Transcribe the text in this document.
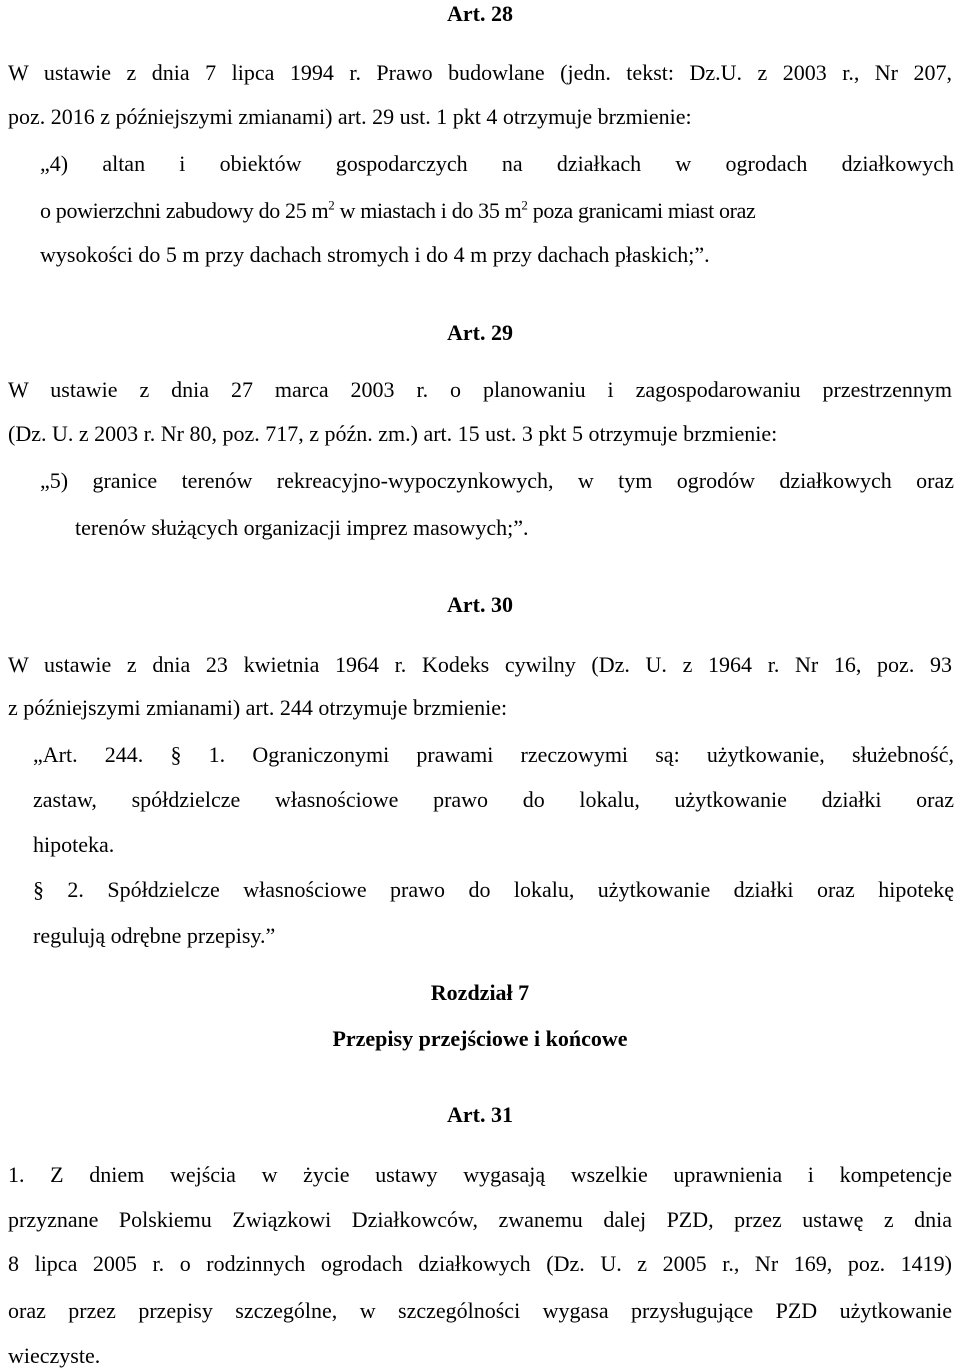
Art. 28
W ustawie z dnia 7 lipca 1994 r. Prawo budowlane (jedn. tekst: Dz.U. z 2003 r., Nr 207,
poz. 2016 z późniejszymi zmianami) art. 29 ust. 1 pkt 4 otrzymuje brzmienie:
„4) altan i obiektów gospodarczych na działkach w ogrodach działkowych
o powierzchni zabudowy do 25 $m^2$ w miastach i do 35 $m^2$ poza granicami miast oraz
wysokości do 5 m przy dachach stromych i do 4 m przy dachach płaskich;”.
Art. 29
W ustawie z dnia 27 marca 2003 r. o planowaniu i zagospodarowaniu przestrzennym
(Dz. U. z 2003 r. Nr 80, poz. 717, z późn. zm.) art. 15 ust. 3 pkt 5 otrzymuje brzmienie:
„5) granice terenów rekreacyjno-wypoczynkowych, w tym ogrodów działkowych oraz
terenów służących organizacji imprez masowych;”.
Art. 30
W ustawie z dnia 23 kwietnia 1964 r. Kodeks cywilny (Dz. U. z 1964 r. Nr 16, poz. 93
z późniejszymi zmianami) art. 244 otrzymuje brzmienie:
„Art. 244. § 1. Ograniczonymi prawami rzeczowymi są: użytkowanie, służebność,
zastaw, spółdzielcze własnościowe prawo do lokalu, użytkowanie działki oraz
hipoteka.
§ 2. Spółdzielcze własnościowe prawo do lokalu, użytkowanie działki oraz hipotekę
regulują odrębne przepisy.”
Rozdział 7
Przepisy przejściowe i końcowe
Art. 31
1. Z dniem wejścia w życie ustawy wygasają wszelkie uprawnienia i kompetencje
przyznane Polskiemu Związkowi Działkowców, zwanemu dalej PZD, przez ustawę z dnia
8 lipca 2005 r. o rodzinnych ogrodach działkowych (Dz. U. z 2005 r., Nr 169, poz. 1419)
oraz przez przepisy szczególne, w szczególności wygasa przysługujące PZD użytkowanie
wieczyste.
